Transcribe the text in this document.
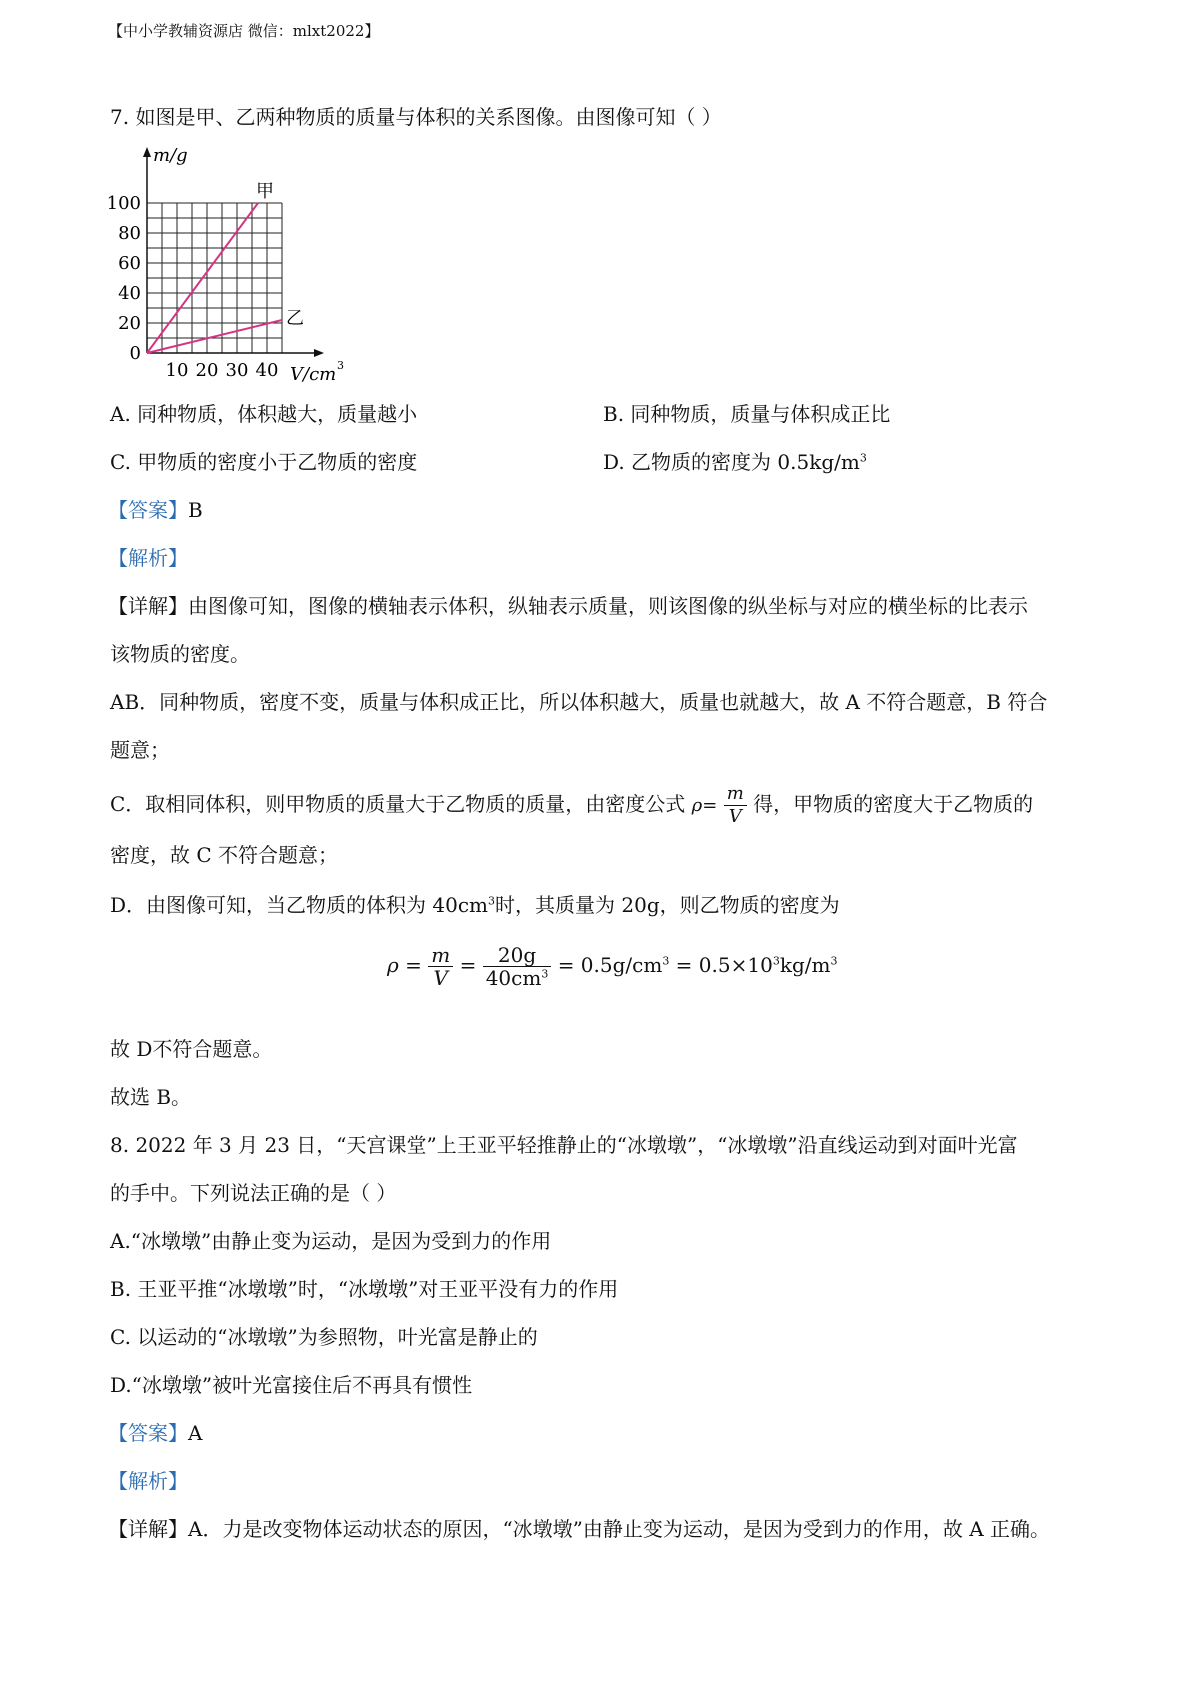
【中小学教辅资源店 微信：mlxt2022】
7. 如图是甲、乙两种物质的质量与体积的关系图像。由图像可知（ ）
m/g
V/cm 3
0
20
40
60
80
100
10 20 30 40
甲
乙
A. 同种物质，体积越大，质量越小	B. 同种物质，质量与体积成正比
C. 甲物质的密度小于乙物质的密度	D. 乙物质的密度为 $0.5kg/m^3$
【答案】B
【解析】
【详解】由图像可知，图像的横轴表示体积，纵轴表示质量，则该图像的纵坐标与对应的横坐标的比表示
该物质的密度。
AB．同种物质，密度不变，质量与体积成正比，所以体积越大，质量也就越大，故 A 不符合题意，B 符合
题意；
C．取相同体积，则甲物质的质量大于乙物质的质量，由密度公式 $\rho= \frac{m}{V}$ 得，甲物质的密度大于乙物质的
密度，故 C 不符合题意；
D．由图像可知，当乙物质的体积为 $40cm^3$时，其质量为 20g，则乙物质的密度为
$\rho = \frac{m}{V} = \frac{20g}{40cm^3} = 0.5g/cm^3 = 0.5\times 10^3kg/m^3$
故 D不符合题意。
故选 B。
8. 2022 年 3 月 23 日，“天宫课堂”上王亚平轻推静止的“冰墩墩”，“冰墩墩”沿直线运动到对面叶光富
的手中。下列说法正确的是（ ）
A.“冰墩墩”由静止变为运动，是因为受到力的作用
B. 王亚平推“冰墩墩”时，“冰墩墩”对王亚平没有力的作用
C. 以运动的“冰墩墩”为参照物，叶光富是静止的
D.“冰墩墩”被叶光富接住后不再具有惯性
【答案】A
【解析】
【详解】A．力是改变物体运动状态的原因，“冰墩墩”由静止变为运动，是因为受到力的作用，故 A 正确。
